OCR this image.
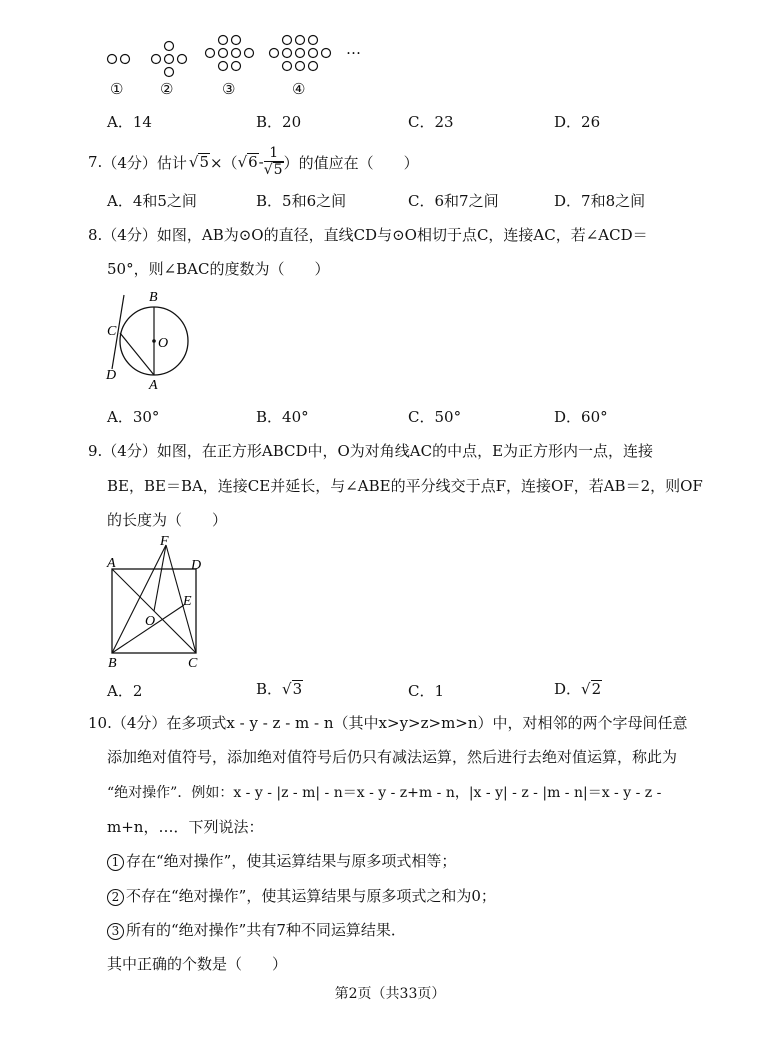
…
① ②	③	④
A．14	B．20	C．23	D．26
7. （4分） 估计 √ 5 ×（ √ $6 - \frac{1}{√5}$ ）的值应在（　　）
A．4和5之间	B．5和6之间	C．6和7之间	D．7和8之间
8.（4分）如图，AB为⊙O的直径，直线CD与⊙O相切于点C，连接AC，若∠ACD＝
50°，则∠BAC的度数为（　　）
B
C
O
D
A
A．30°	B．40°	C．50°	D．60°
9.（4分）如图，在正方形ABCD中，O为对角线AC的中点，E为正方形内一点，连接
BE，BE＝BA，连接CE并延长，与∠ABE的平分线交于点F，连接OF，若AB＝2，则OF
的长度为（　　）
A
F
D
E
O
B	C
A．2	B．√3	C．1	D．√2
10.（4分）在多项式x - y - z - m - n（其中x>y>z>m>n）中，对相邻的两个字母间任意
添加绝对值符号，添加绝对值符号后仍只有减法运算，然后进行去绝对值运算，称此为
“绝对操作”．例如：x - y - |z - m| - n＝x - y - z+m - n，|x - y| - z - |m - n|＝x - y - z -
m+n，…．下列说法：
1 存在“绝对操作”，使其运算结果与原多项式相等；
2 不存在“绝对操作”，使其运算结果与原多项式之和为0；
3 所有的“绝对操作”共有7种不同运算结果．
其中正确的个数是（　　）
第2页（共33页）
